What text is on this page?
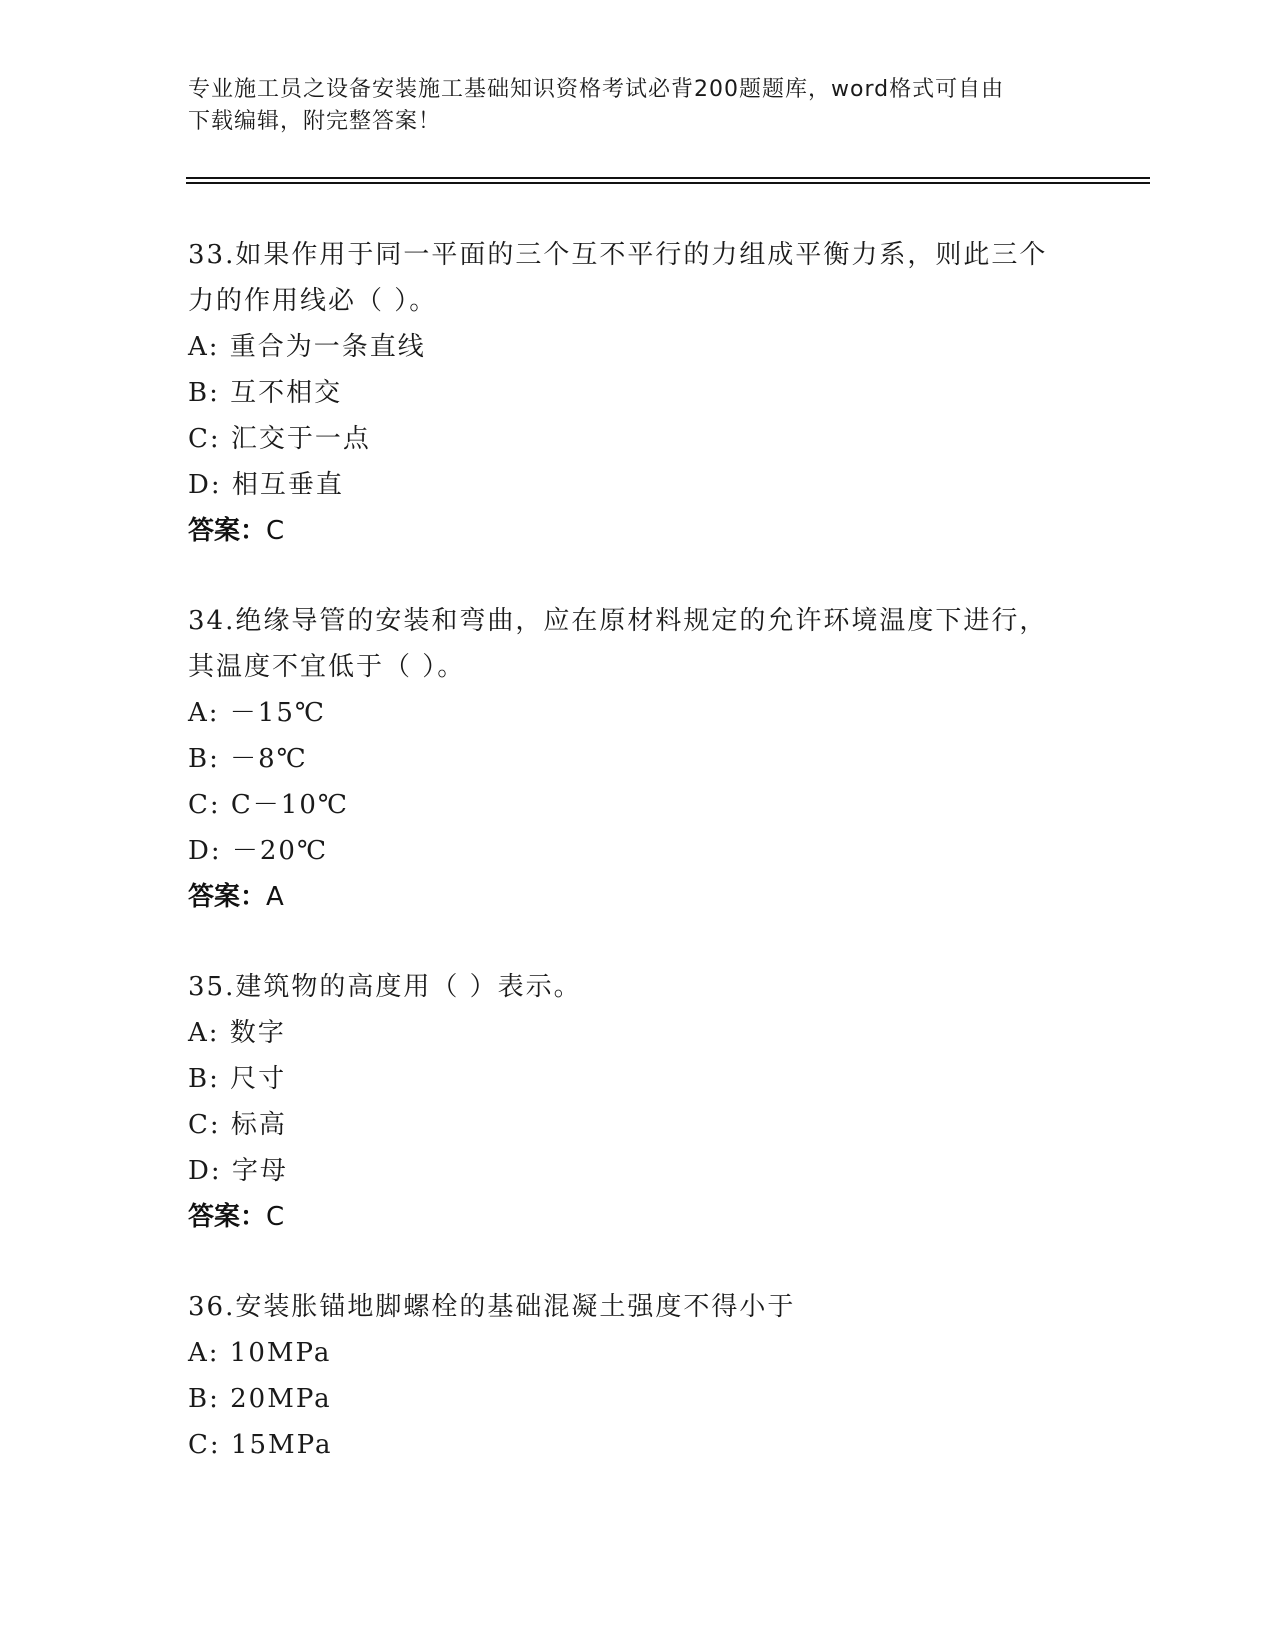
专业施工员之设备安装施工基础知识资格考试必背200题题库，word格式可自由
下载编辑，附完整答案！

33.如果作用于同一平面的三个互不平行的力组成平衡力系，则此三个

力的作用线必（ ）。

A: 重合为一条直线

B: 互不相交

C: 汇交于一点

D: 相互垂直

答案：C

34.绝缘导管的安装和弯曲，应在原材料规定的允许环境温度下进行，

其温度不宜低于（ ）。

A: －15℃

B: －8℃

C: C－10℃

D: －20℃

答案：A

35.建筑物的高度用（ ）表示。

A: 数字

B: 尺寸

C: 标高

D: 字母

答案：C

36.安装胀锚地脚螺栓的基础混凝土强度不得小于

A: 10MPa

B: 20MPa

C: 15MPa
